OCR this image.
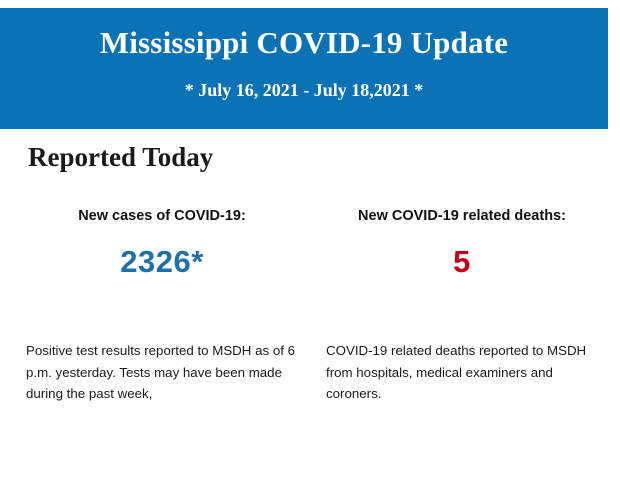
Mississippi COVID-19 Update
* July 16, 2021 - July 18,2021 *
Reported Today
New cases of COVID-19:
2326*
New COVID-19 related deaths:
5
Positive test results reported to MSDH as of 6 p.m. yesterday. Tests may have been made during the past week,
COVID-19 related deaths reported to MSDH from hospitals, medical examiners and coroners.
